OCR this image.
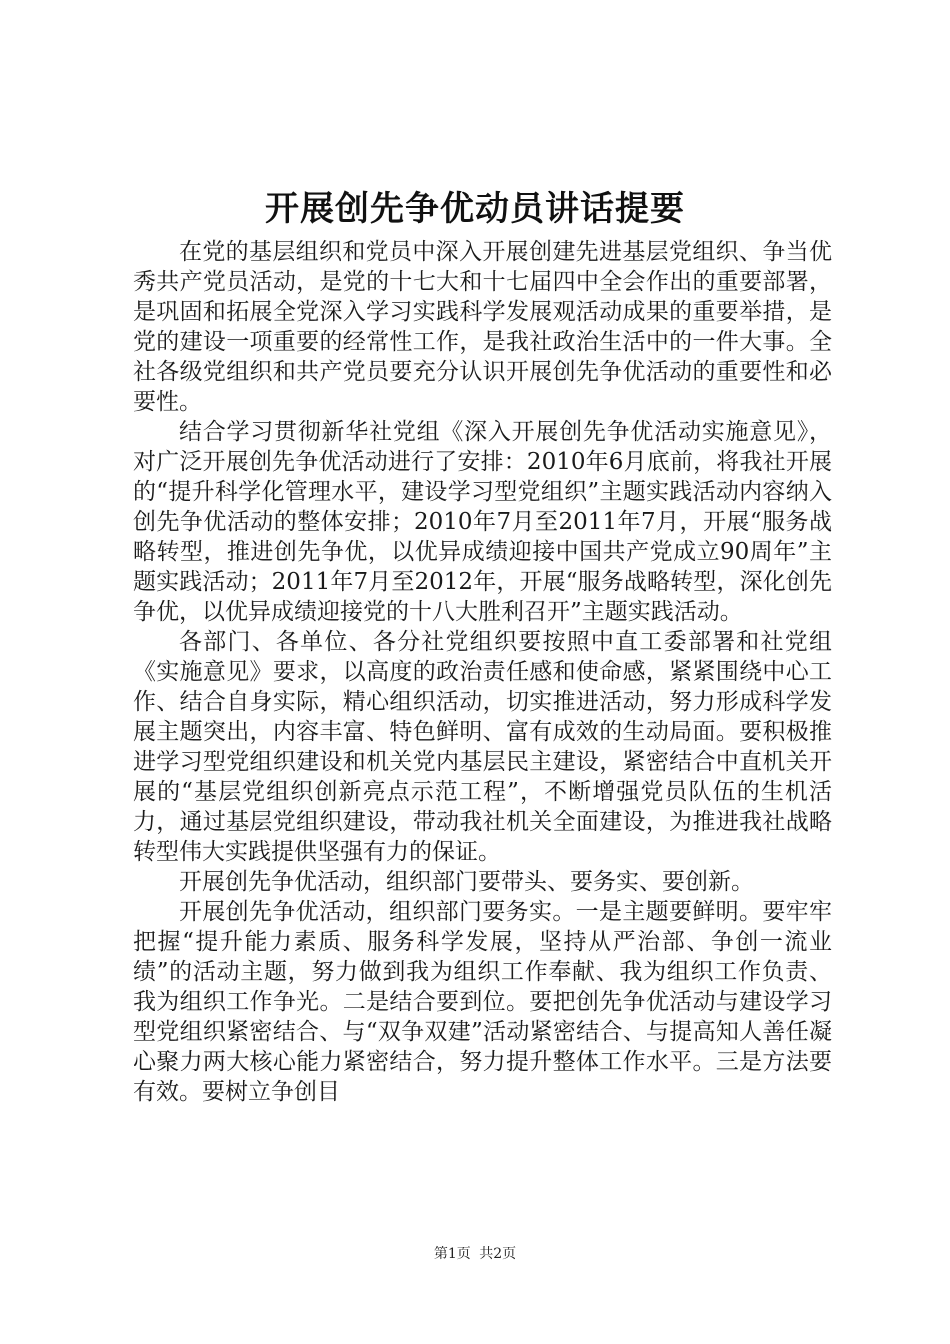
开展创先争优动员讲话提要

在党的基层组织和党员中深入开展创建先进基层党组织、争当优秀共产党员活动，是党的十七大和十七届四中全会作出的重要部署，是巩固和拓展全党深入学习实践科学发展观活动成果的重要举措，是党的建设一项重要的经常性工作，是我社政治生活中的一件大事。全社各级党组织和共产党员要充分认识开展创先争优活动的重要性和必要性。

结合学习贯彻新华社党组《深入开展创先争优活动实施意见》，对广泛开展创先争优活动进行了安排：2010年6月底前，将我社开展的“提升科学化管理水平，建设学习型党组织”主题实践活动内容纳入创先争优活动的整体安排；2010年7月至2011年7月，开展“服务战略转型，推进创先争优，以优异成绩迎接中国共产党成立90周年”主题实践活动；2011年7月至2012年，开展“服务战略转型，深化创先争优，以优异成绩迎接党的十八大胜利召开”主题实践活动。

各部门、各单位、各分社党组织要按照中直工委部署和社党组《实施意见》要求，以高度的政治责任感和使命感，紧紧围绕中心工作、结合自身实际，精心组织活动，切实推进活动，努力形成科学发展主题突出，内容丰富、特色鲜明、富有成效的生动局面。要积极推进学习型党组织建设和机关党内基层民主建设，紧密结合中直机关开展的“基层党组织创新亮点示范工程”，不断增强党员队伍的生机活力，通过基层党组织建设，带动我社机关全面建设，为推进我社战略转型伟大实践提供坚强有力的保证。

开展创先争优活动，组织部门要带头、要务实、要创新。

开展创先争优活动，组织部门要务实。一是主题要鲜明。要牢牢把握“提升能力素质、服务科学发展，坚持从严治部、争创一流业绩”的活动主题，努力做到我为组织工作奉献、我为组织工作负责、我为组织工作争光。二是结合要到位。要把创先争优活动与建设学习型党组织紧密结合、与“双争双建”活动紧密结合、与提高知人善任凝心聚力两大核心能力紧密结合，努力提升整体工作水平。三是方法要有效。要树立争创目

第1页 共2页
